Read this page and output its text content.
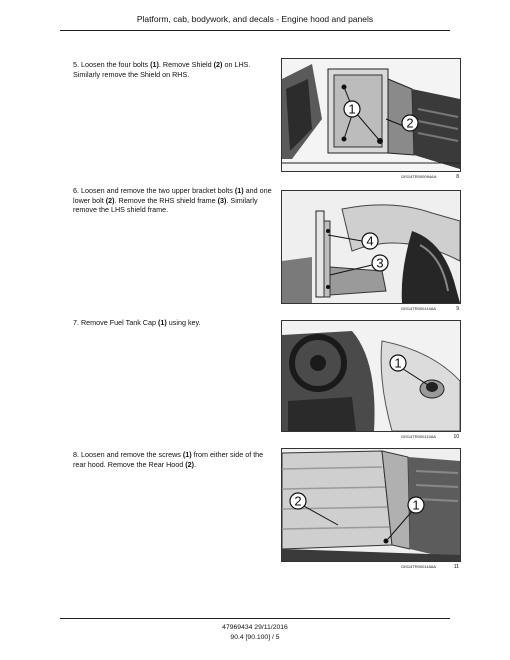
Platform, cab, bodywork, and decals - Engine hood and panels
5. Loosen the four bolts (1). Remove Shield (2) on LHS. Similarly remove the Shield on RHS.
1
2
GIS14TR000094AA	8
6. Loosen and remove the two upper bracket bolts (1) and one lower bolt (2). Remove the RHS shield frame (3). Similarly remove the LHS shield frame.
4
3
GIS14TR000114AA	9
7. Remove Fuel Tank Cap (1) using key.
1
GIS14TR000115AA	10
8. Loosen and remove the screws (1) from either side of the rear hood. Remove the Rear Hood (2).
2	1
GIS14TR000118AA	11
47969434 29/11/2016
90.4 [90.100] / 5
